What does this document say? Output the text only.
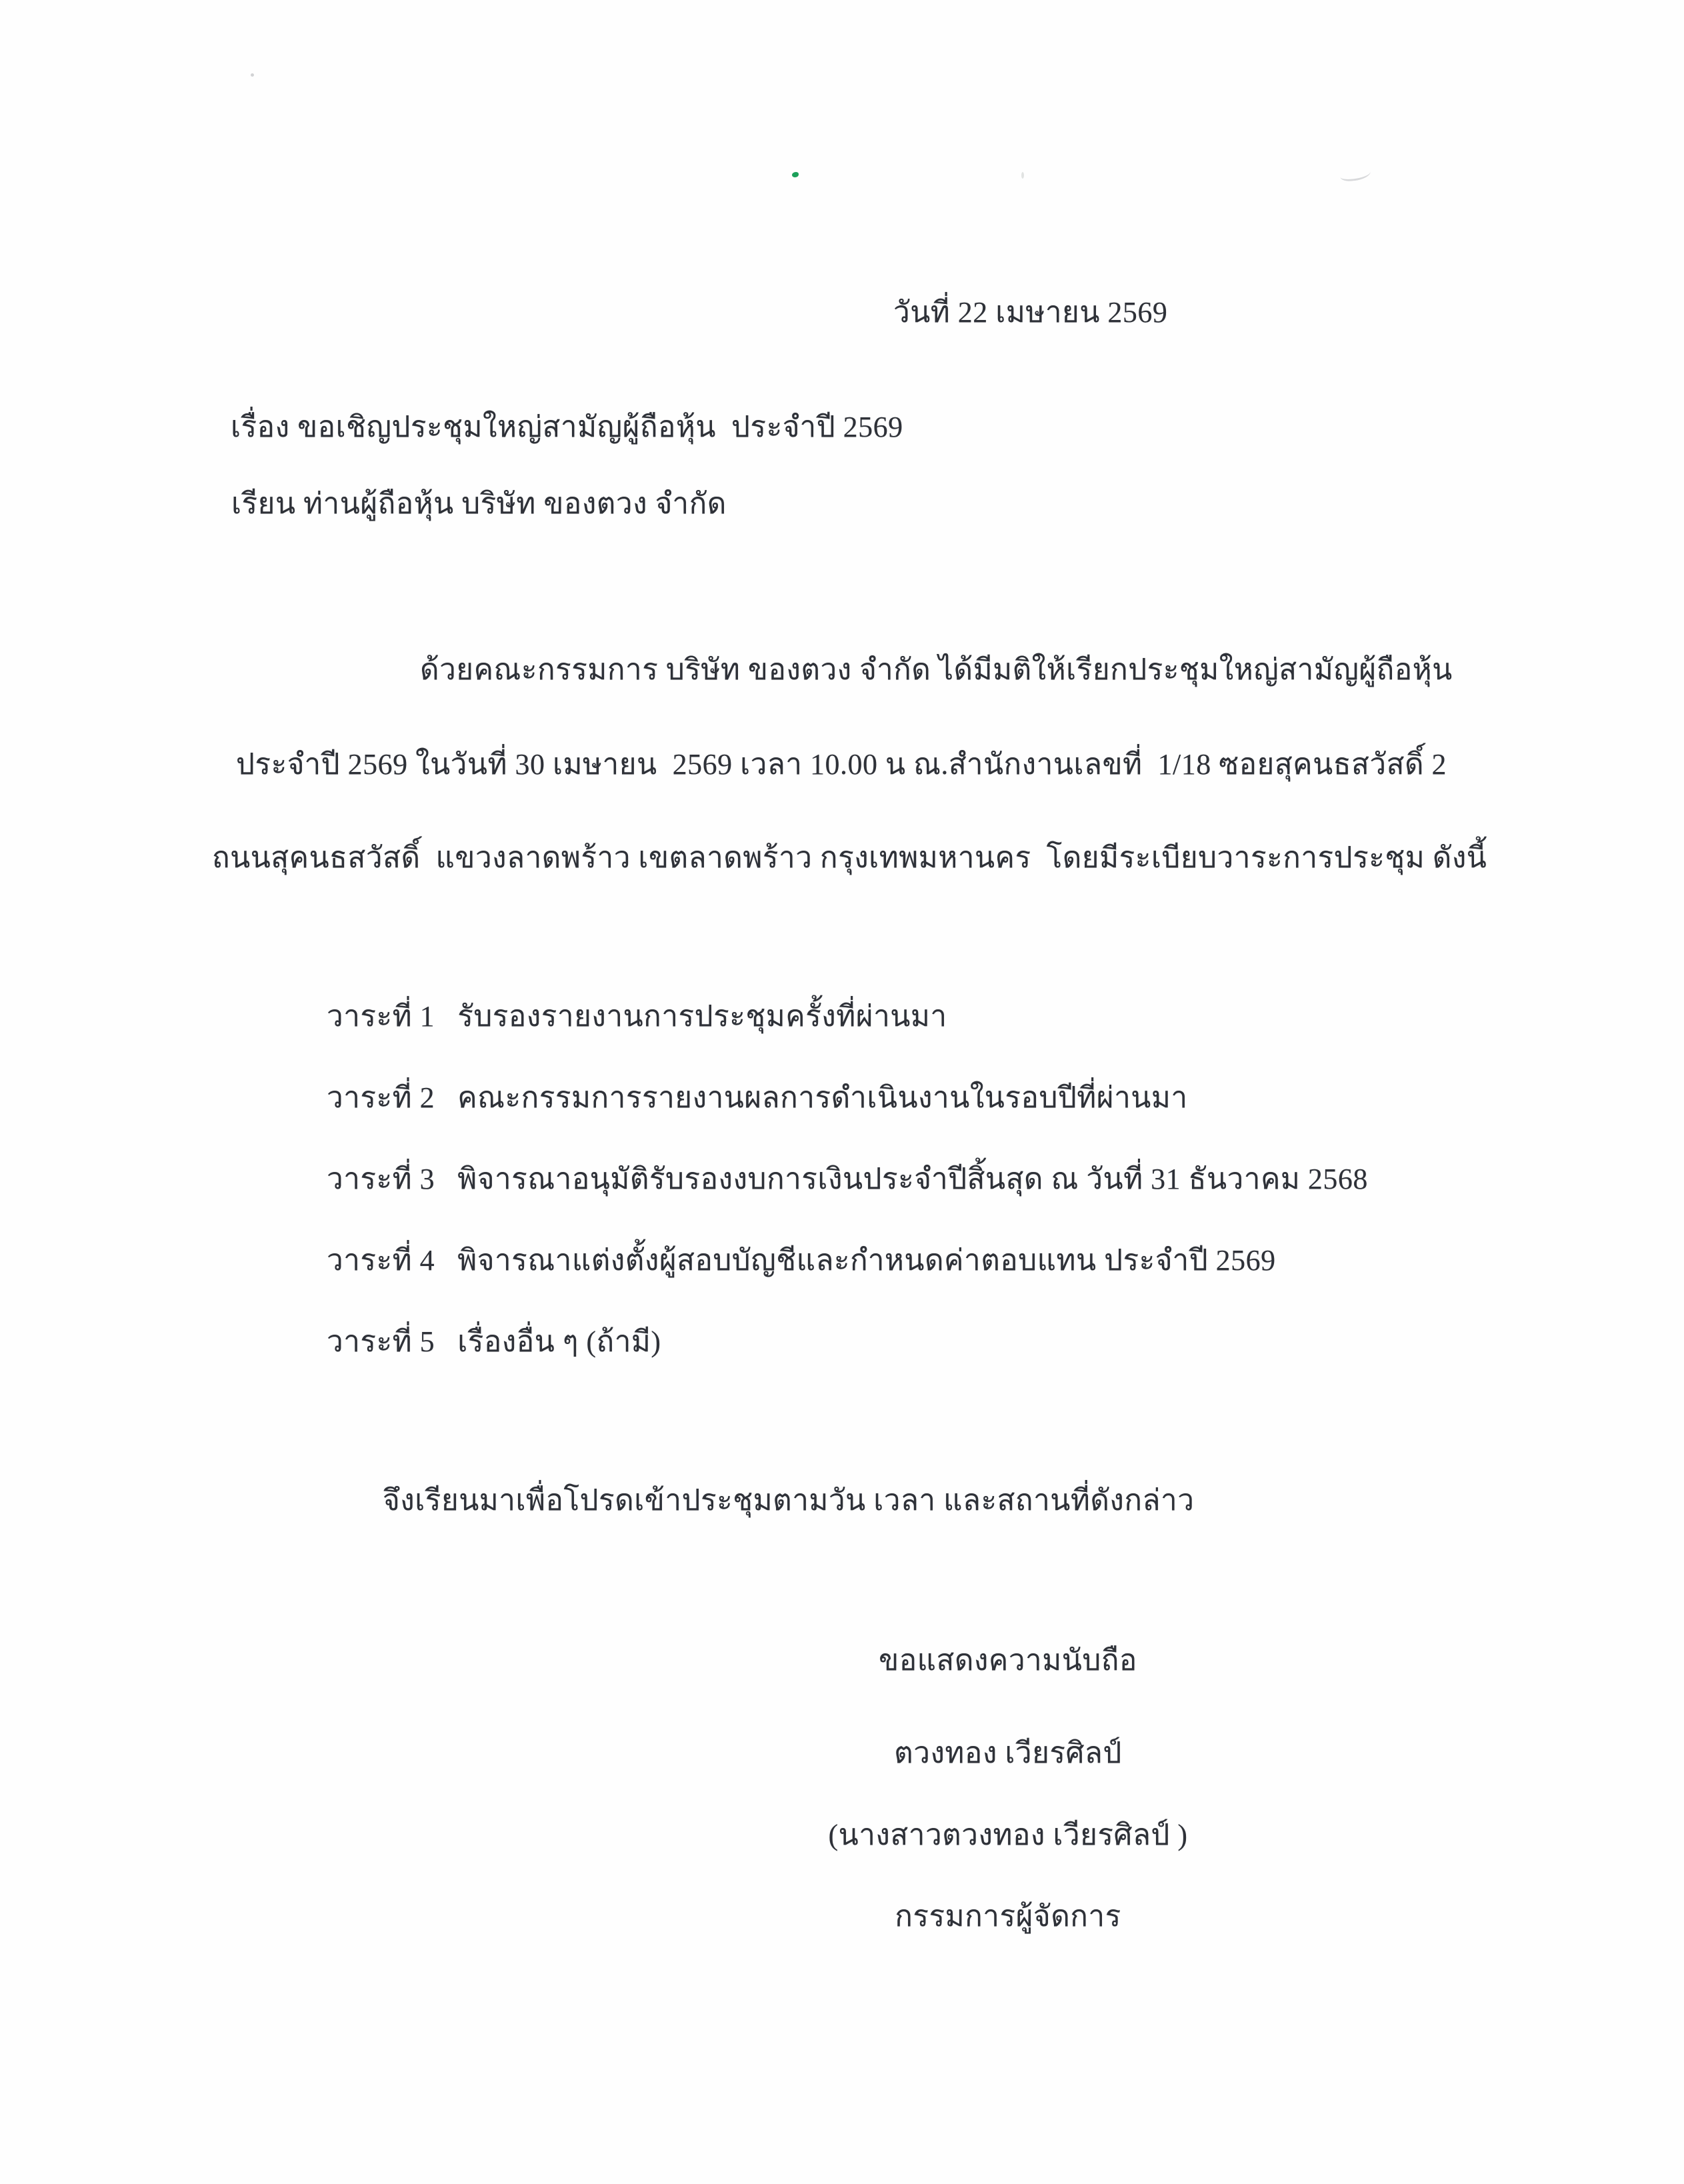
วันที่ 22 เมษายน 2569
เรื่อง ขอเชิญประชุมใหญ่สามัญผู้ถือหุ้น  ประจำปี 2569
เรียน ท่านผู้ถือหุ้น บริษัท ของตวง จำกัด
ด้วยคณะกรรมการ บริษัท ของตวง จำกัด ได้มีมติให้เรียกประชุมใหญ่สามัญผู้ถือหุ้น
ประจำปี 2569 ในวันที่ 30 เมษายน  2569 เวลา 10.00 น ณ.สำนักงานเลขที่  1/18 ซอยสุคนธสวัสดิ์ 2
ถนนสุคนธสวัสดิ์  แขวงลาดพร้าว เขตลาดพร้าว กรุงเทพมหานคร  โดยมีระเบียบวาระการประชุม ดังนี้
วาระที่ 1 รับรองรายงานการประชุมครั้งที่ผ่านมา
วาระที่ 2 คณะกรรมการรายงานผลการดำเนินงานในรอบปีที่ผ่านมา
วาระที่ 3 พิจารณาอนุมัติรับรองงบการเงินประจำปีสิ้นสุด ณ วันที่ 31 ธันวาคม 2568
วาระที่ 4 พิจารณาแต่งตั้งผู้สอบบัญชีและกำหนดค่าตอบแทน ประจำปี 2569
วาระที่ 5 เรื่องอื่น ๆ (ถ้ามี)
จึงเรียนมาเพื่อโปรดเข้าประชุมตามวัน เวลา และสถานที่ดังกล่าว
ขอแสดงความนับถือ
ตวงทอง เวียรศิลป์
(นางสาวตวงทอง เวียรศิลป์ )
กรรมการผู้จัดการ
